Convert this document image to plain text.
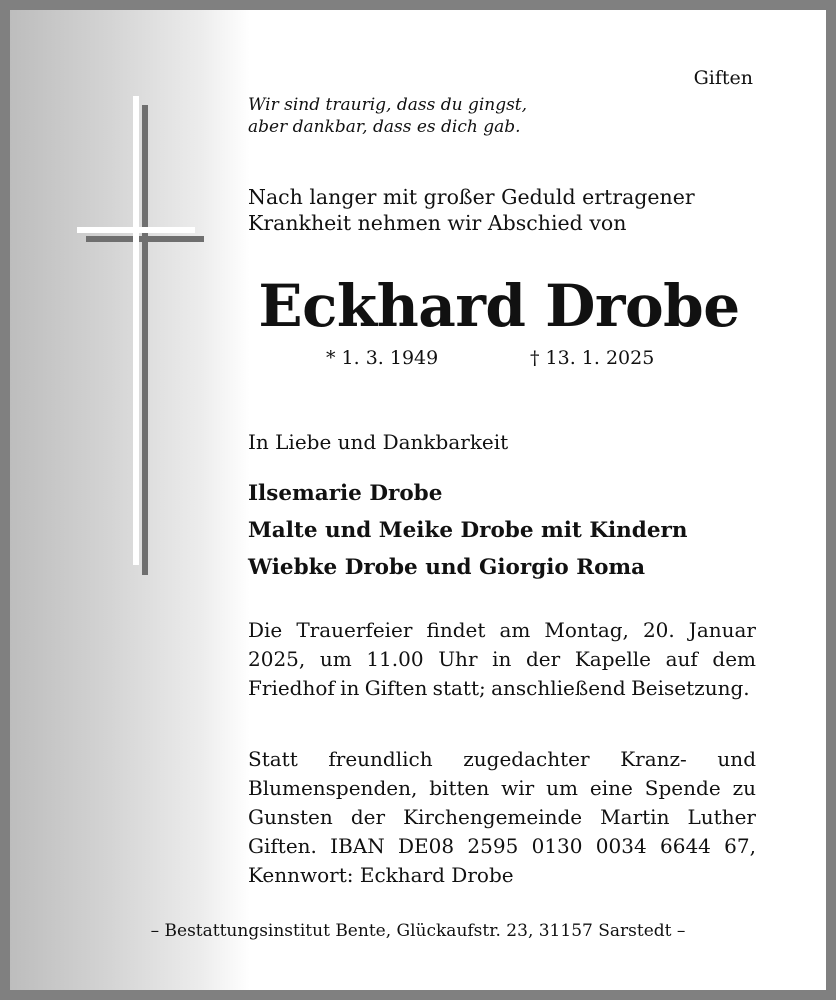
Giften
Wir sind traurig, dass du gingst,
aber dankbar, dass es dich gab.
Nach langer mit großer Geduld ertragener
Krankheit nehmen wir Abschied von
Eckhard Drobe
* 1. 3. 1949	† 13. 1. 2025
In Liebe und Dankbarkeit
Ilsemarie Drobe
Malte und Meike Drobe mit Kindern
Wiebke Drobe und Giorgio Roma
Die Trauerfeier findet am Montag, 20. Januar 2025, um 11.00 Uhr in der Kapelle auf dem Friedhof in Giften statt; anschließend Beisetzung.
Statt freundlich zugedachter Kranz- und Blumenspenden, bitten wir um eine Spende zu Gunsten der Kirchengemeinde Martin Luther Giften. IBAN DE08 2595 0130 0034 6644 67, Kennwort: Eckhard Drobe
– Bestattungsinstitut Bente, Glückaufstr. 23, 31157 Sarstedt –
